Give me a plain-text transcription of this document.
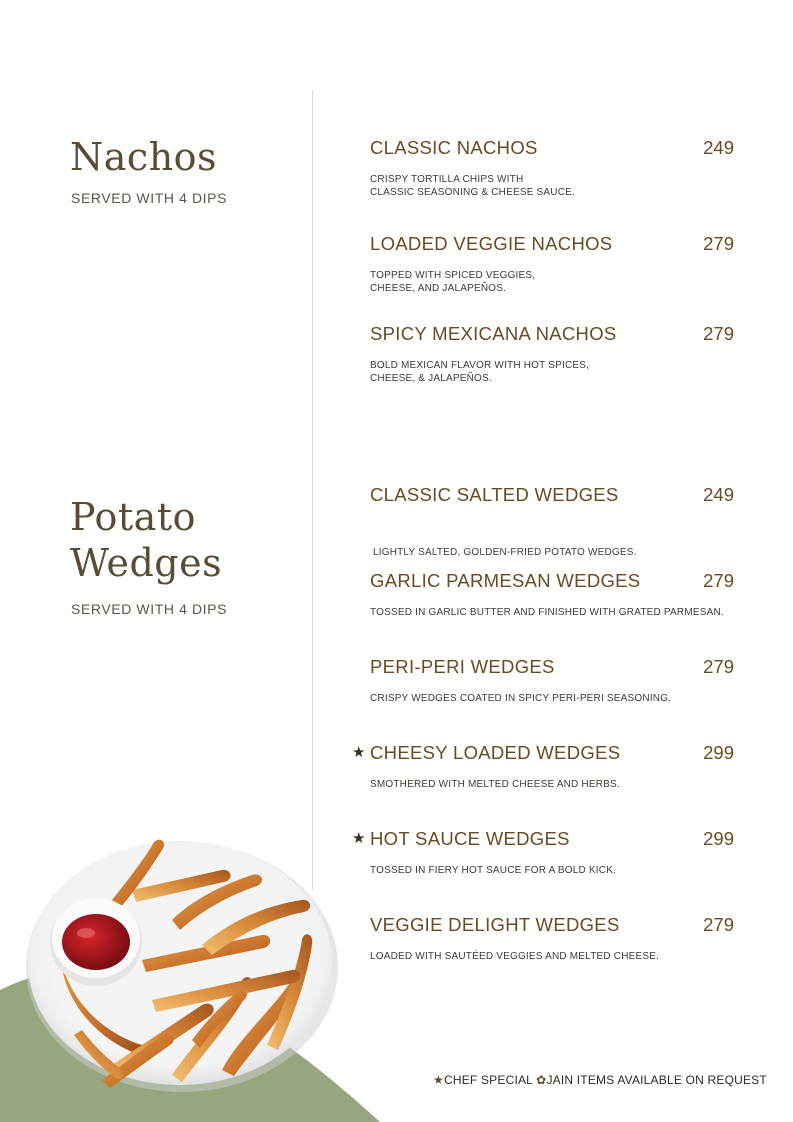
Nachos
SERVED WITH 4 DIPS
CLASSIC NACHOS	249
CRISPY TORTILLA CHIPS WITH
CLASSIC SEASONING & CHEESE SAUCE.
LOADED VEGGIE NACHOS	279
TOPPED WITH SPICED VEGGIES,
CHEESE, AND JALAPEÑOS.
SPICY MEXICANA NACHOS	279
BOLD MEXICAN FLAVOR WITH HOT SPICES,
CHEESE, & JALAPEÑOS.
Potato
Wedges
SERVED WITH 4 DIPS
CLASSIC SALTED WEDGES	249

LIGHTLY SALTED, GOLDEN-FRIED POTATO WEDGES.

GARLIC PARMESAN WEDGES	279
TOSSED IN GARLIC BUTTER AND FINISHED WITH GRATED PARMESAN.
PERI-PERI WEDGES	279
CRISPY WEDGES COATED IN SPICY PERI-PERI SEASONING.
★ CHEESY LOADED WEDGES	299
SMOTHERED WITH MELTED CHEESE AND HERBS.
★ HOT SAUCE WEDGES	299
TOSSED IN FIERY HOT SAUCE FOR A BOLD KICK.
VEGGIE DELIGHT WEDGES	279
LOADED WITH SAUTÉED VEGGIES AND MELTED CHEESE.
★CHEF SPECIAL ✿JAIN ITEMS AVAILABLE ON REQUEST
